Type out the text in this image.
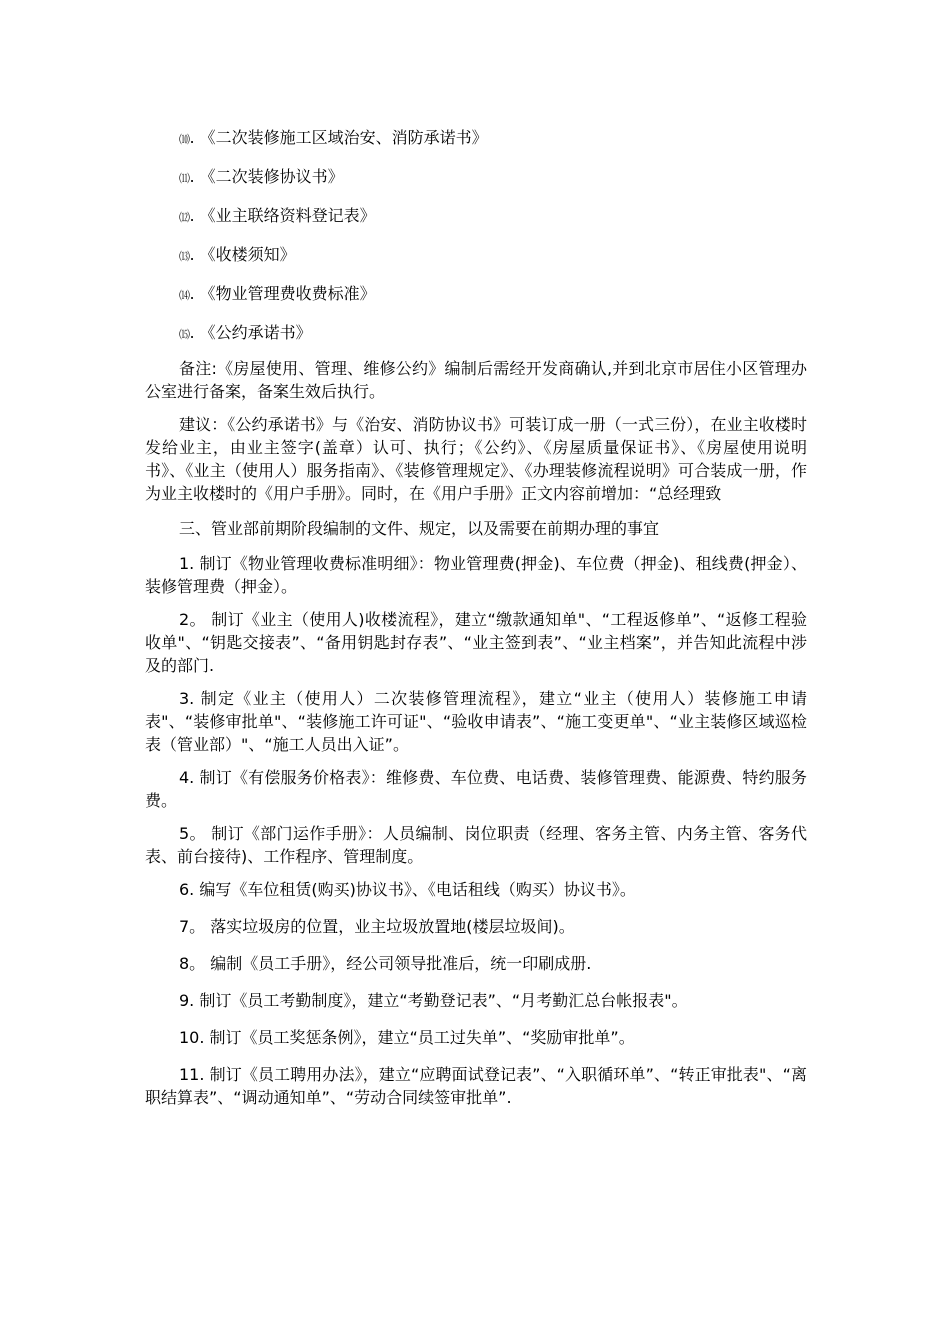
⑽. 《二次装修施工区域治安、消防承诺书》
⑾. 《二次装修协议书》
⑿. 《业主联络资料登记表》
⒀. 《收楼须知》
⒁. 《物业管理费收费标准》
⒂. 《公约承诺书》

备注:《房屋使用、管理、维修公约》编制后需经开发商确认,并到北京市居住小区管理办公室进行备案，备案生效后执行。

建议：《公约承诺书》与《治安、消防协议书》可装订成一册（一式三份），在业主收楼时发给业主，由业主签字(盖章）认可、执行；《公约》、《房屋质量保证书》、《房屋使用说明书》、《业主（使用人）服务指南》、《装修管理规定》、《办理装修流程说明》可合装成一册，作为业主收楼时的《用户手册》。同时，在《用户手册》正文内容前增加：“总经理致

三、管业部前期阶段编制的文件、规定，以及需要在前期办理的事宜

1. 制订《物业管理收费标准明细》：物业管理费(押金)、车位费（押金)、租线费(押金）、装修管理费（押金）。

2。 制订《业主（使用人)收楼流程》，建立“缴款通知单"、“工程返修单”、“返修工程验收单"、“钥匙交接表”、“备用钥匙封存表”、“业主签到表”、“业主档案”，并告知此流程中涉及的部门.

3. 制定《业主（使用人）二次装修管理流程》，建立“业主（使用人）装修施工申请表"、“装修审批单"、“装修施工许可证"、“验收申请表”、“施工变更单"、“业主装修区域巡检表（管业部）"、“施工人员出入证”。

4. 制订《有偿服务价格表》：维修费、车位费、电话费、装修管理费、能源费、特约服务费。

5。 制订《部门运作手册》：人员编制、岗位职责（经理、客务主管、内务主管、客务代表、前台接待)、工作程序、管理制度。

6. 编写《车位租赁(购买)协议书》、《电话租线（购买）协议书》。

7。 落实垃圾房的位置，业主垃圾放置地(楼层垃圾间)。

8。 编制《员工手册》，经公司领导批准后，统一印刷成册.

9. 制订《员工考勤制度》，建立“考勤登记表”、“月考勤汇总台帐报表"。

10. 制订《员工奖惩条例》，建立“员工过失单”、“奖励审批单”。

11. 制订《员工聘用办法》，建立“应聘面试登记表”、“入职循环单”、“转正审批表"、“离职结算表”、“调动通知单”、“劳动合同续签审批单”.
